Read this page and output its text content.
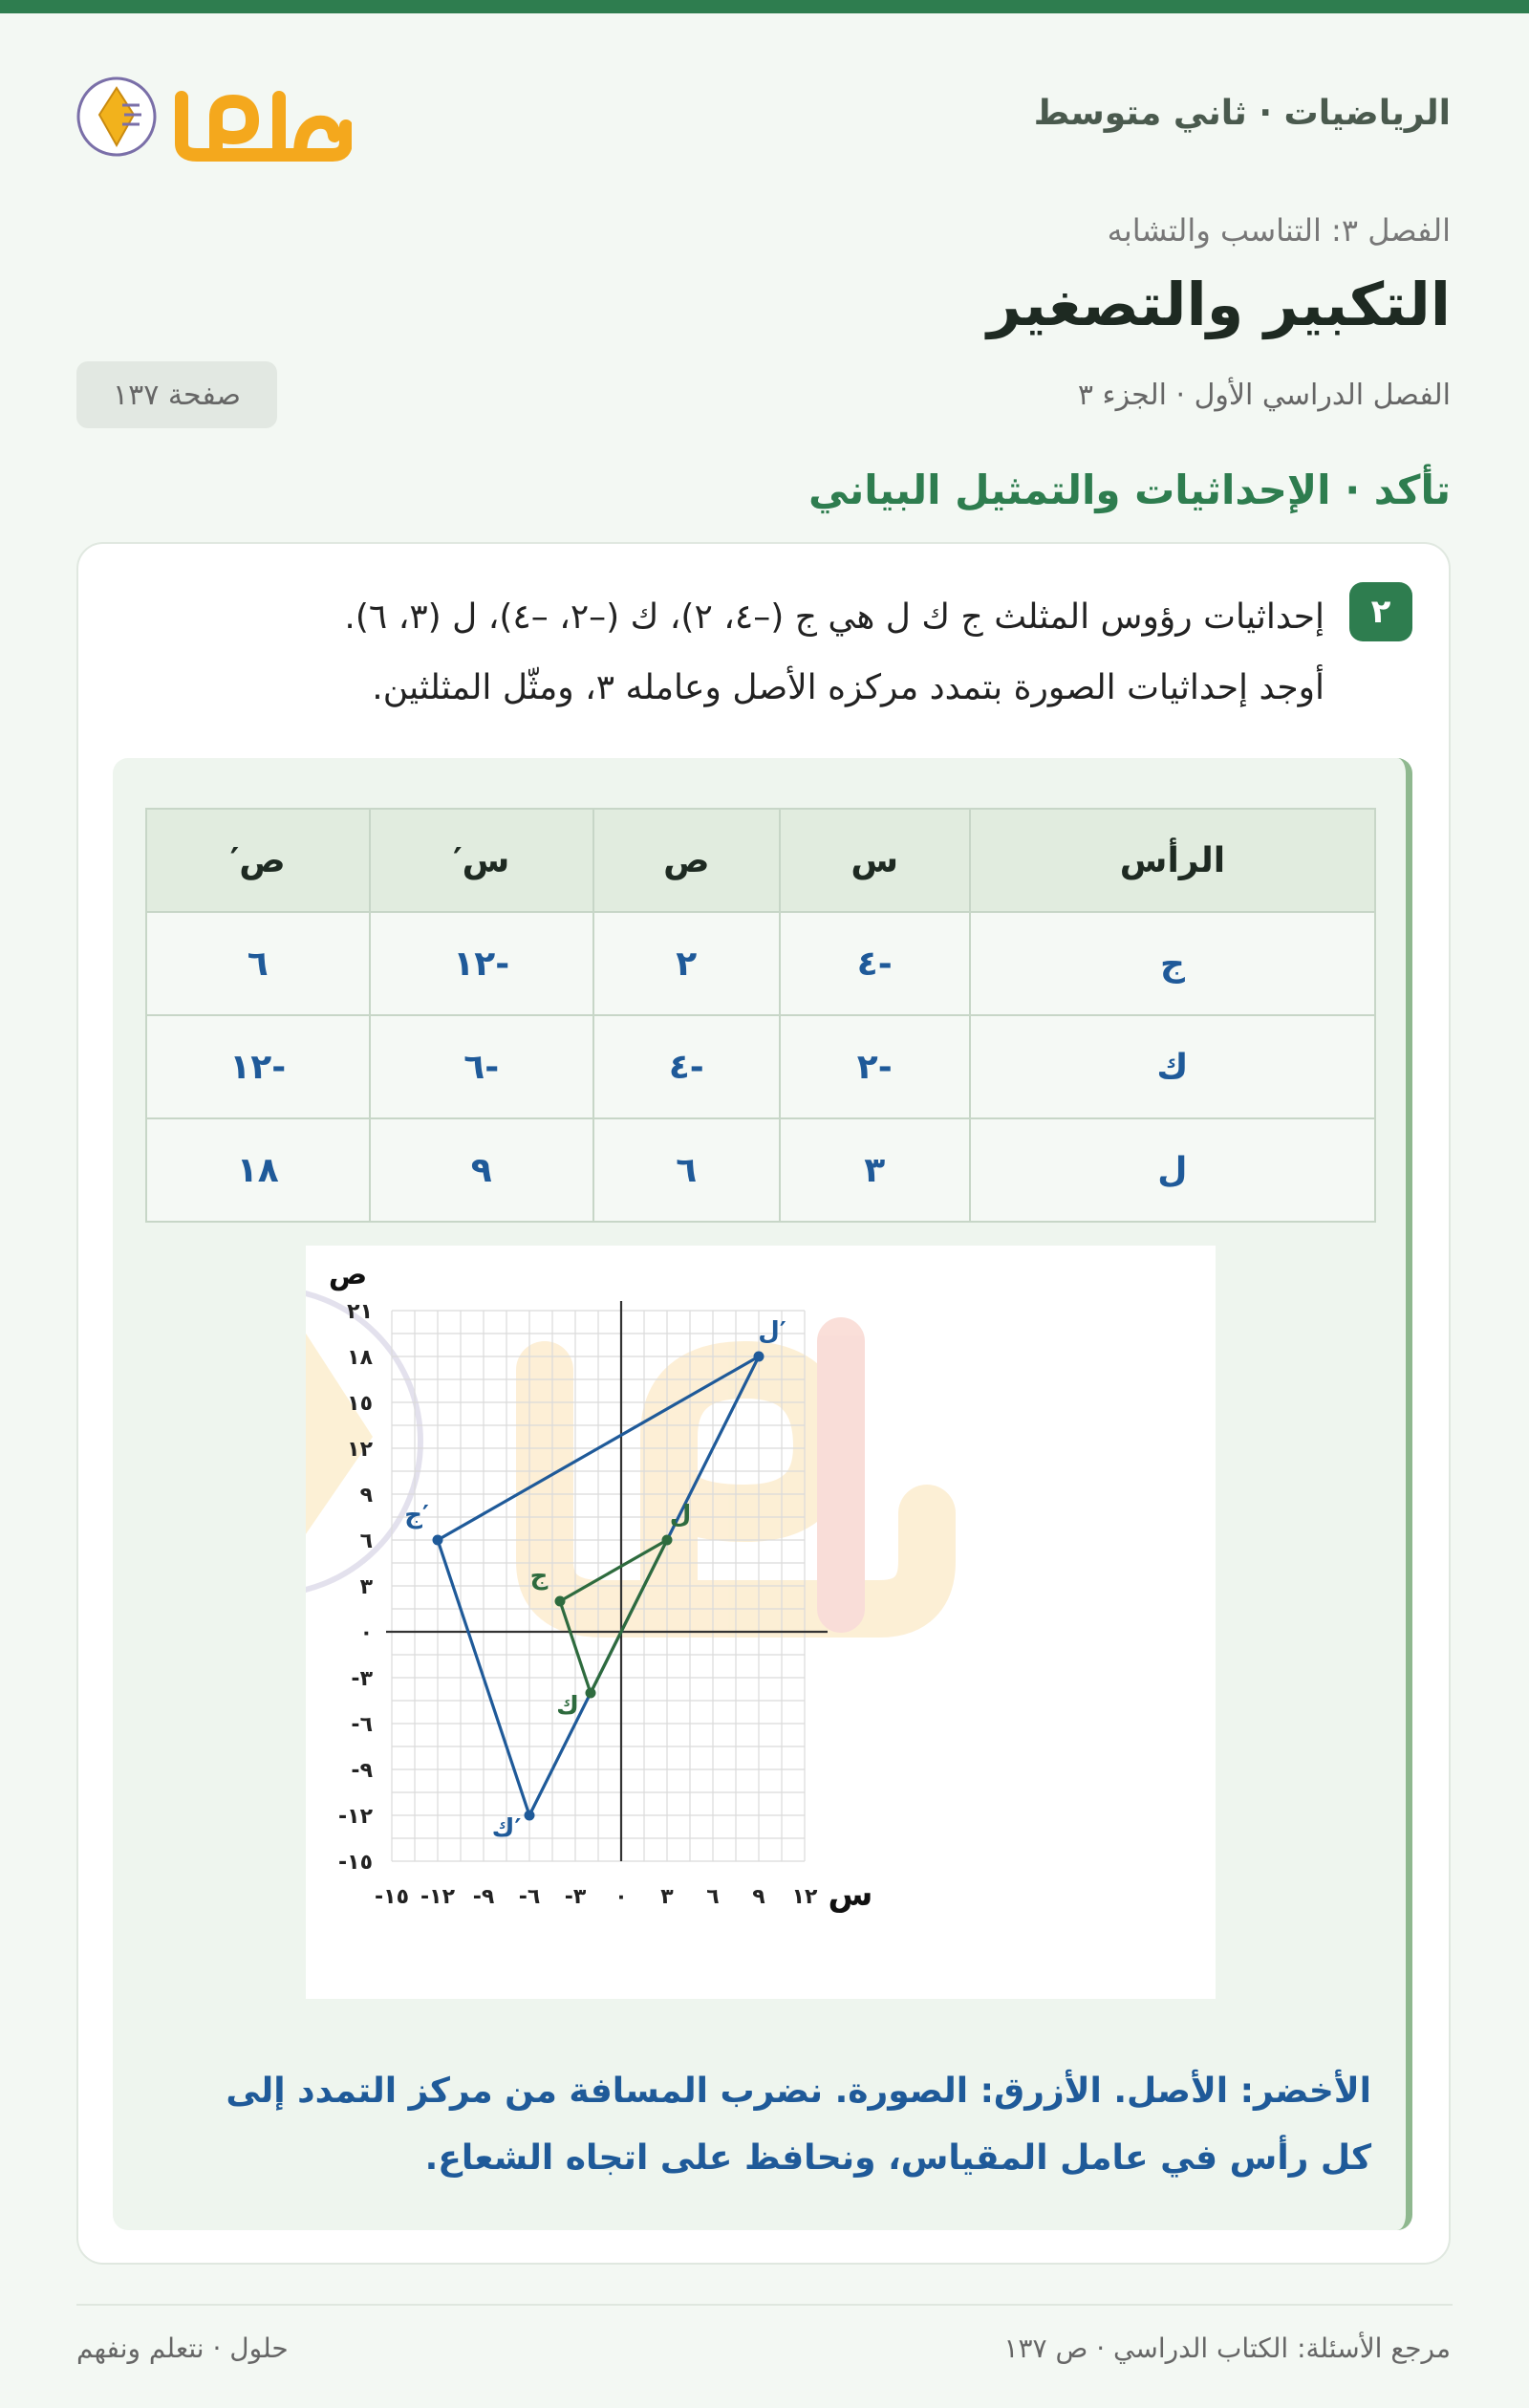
الرياضيات · ثاني متوسط
الفصل ٣: التناسب والتشابه
التكبير والتصغير
الفصل الدراسي الأول · الجزء ٣
صفحة ١٣٧
تأكد · الإحداثيات والتمثيل البياني
٢
إحداثيات رؤوس المثلث ج ك ل هي ج (–٤، ٢)، ك (–٢، –٤)، ل (٣، ٦).
أوجد إحداثيات الصورة بتمدد مركزه الأصل وعامله ٣، ومثّل المثلثين.
الرأس	س	ص	س′	ص′
ج	-٤	٢	-١٢	٦
ك	-٢	-٤	-٦	-١٢
ل	٣	٦	٩	١٨
-١٥ -١٢ -٩ -٦ -٣ ٠ ٣ ٦ ٩ ١٢
٢١
١٨
١٥
١٢
٩
٦
٣
٠
-٣
-٦
-٩
-١٢
-١٥
ج′
ك′
ل′
ج
ك
ل
س
ص
الأخضر: الأصل. الأزرق: الصورة. نضرب المسافة من مركز التمدد إلى كل رأس في عامل المقياس، ونحافظ على اتجاه الشعاع.
مرجع الأسئلة: الكتاب الدراسي · ص ١٣٧
حلول · نتعلم ونفهم
